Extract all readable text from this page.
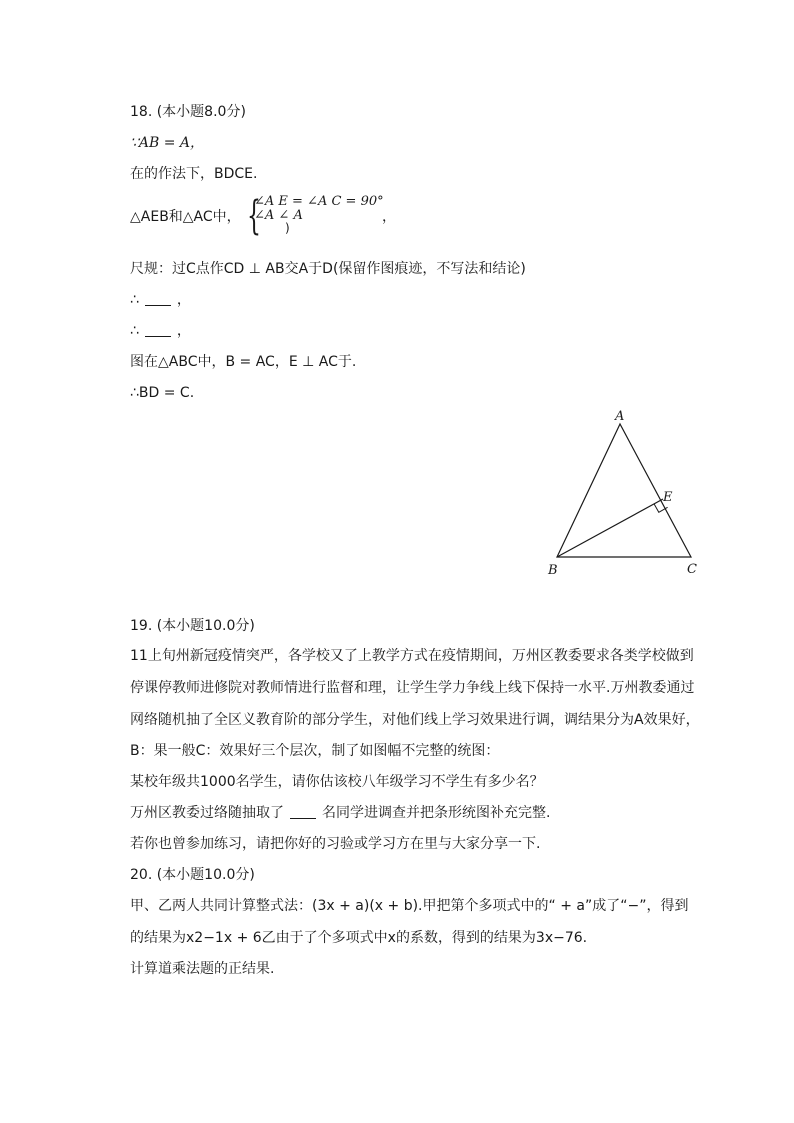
18. (本小题8.0分)
∵AB = A，
在的作法下，BDCE.
△AEB和△AC中， {
∠A E = ∠A C = 90°
∠A ∠ A
)
，
尺规：过C点作CD ⊥ AB交A于D(保留作图痕迹，不写法和结论)
∴	，
∴	，
图在△ABC中，B = AC，E ⊥ AC于.
∴BD = C.
A
E
B	C
19. (本小题10.0分)
11上旬州新冠疫情突严，各学校又了上教学方式在疫情期间，万州区教委要求各类学校做到
停课停教师进修院对教师情进行监督和理，让学生学力争线上线下保持一水平.万州教委通过
网络随机抽了全区义教育阶的部分学生，对他们线上学习效果进行调，调结果分为A效果好，
B：果一般C：效果好三个层次，制了如图幅不完整的统图：
某校年级共1000名学生，请你估该校八年级学习不学生有多少名？
万州区教委过络随抽取了	名同学进调查并把条形统图补充完整.
若你也曾参加练习，请把你好的习验或学习方在里与大家分享一下.
20. (本小题10.0分)
甲、乙两人共同计算整式法：(3x + a)(x + b).甲把第个多项式中的“ + a”成了“−”，得到
的结果为x2−1x + 6乙由于了个多项式中x的系数，得到的结果为3x−76.
计算道乘法题的正结果.
